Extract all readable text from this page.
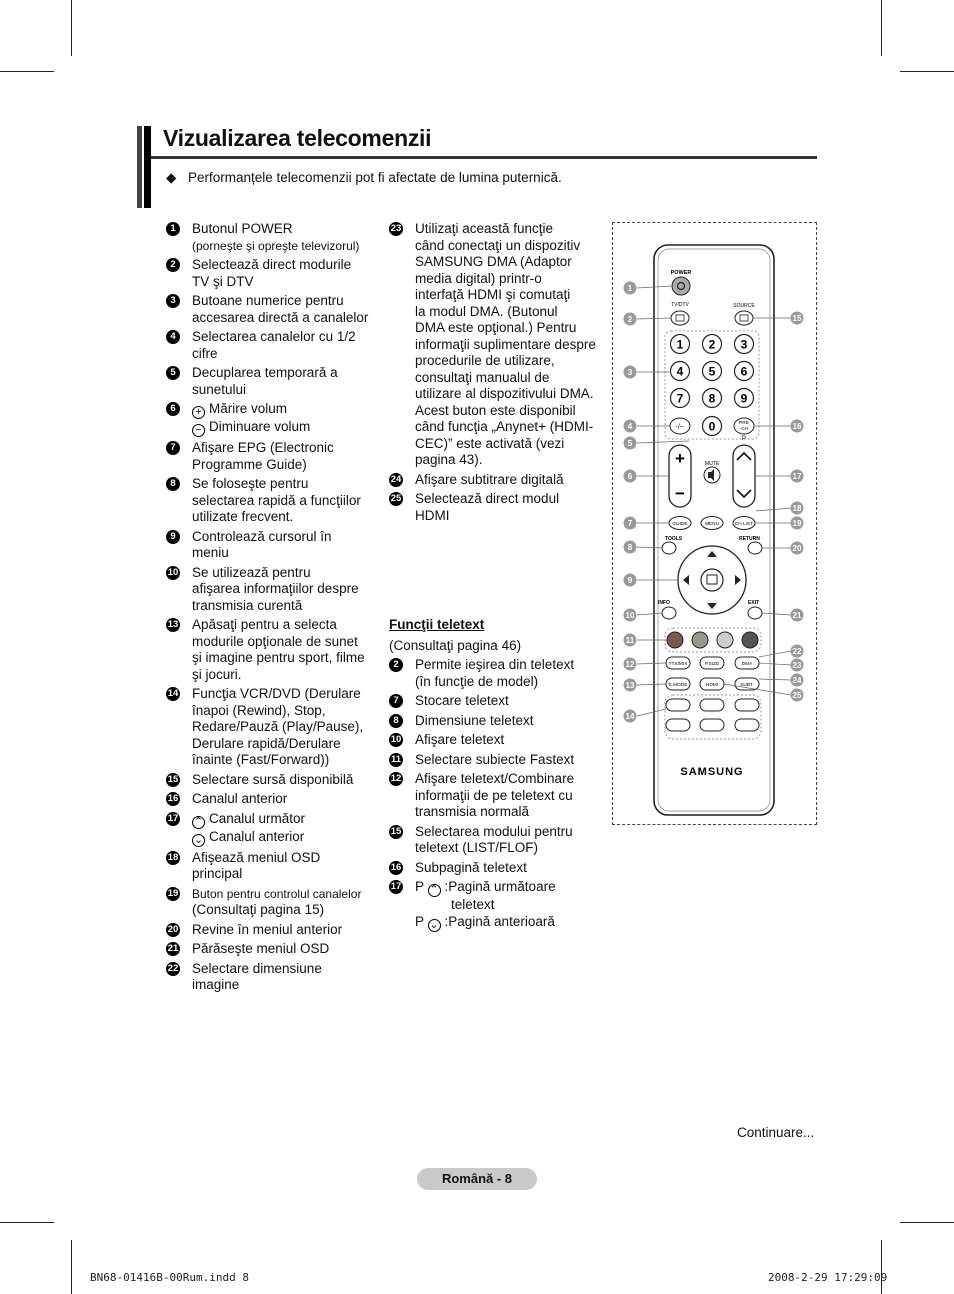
Vizualizarea telecomenzii
◆ Performanțele telecomenzii pot fi afectate de lumina puternică.
1	Butonul POWER
(porneşte şi opreşte televizorul)
2	Selectează direct modurile
TV şi DTV
3	Butoane numerice pentru
accesarea directă a canalelor
4	Selectarea canalelor cu 1/2
cifre
5	Decuplarea temporară a
sunetului
6	+ Mărire volum
− Diminuare volum
7	Afişare EPG (Electronic
Programme Guide)
8	Se foloseşte pentru
selectarea rapidă a funcţiilor
utilizate frecvent.
9	Controlează cursorul în
meniu
10 Se utilizează pentru
afişarea informaţiilor despre
transmisia curentă
13 Apăsaţi pentru a selecta
modurile opţionale de sunet
şi imagine pentru sport, filme
şi jocuri.
14 Funcţia VCR/DVD (Derulare
înapoi (Rewind), Stop,
Redare/Pauză (Play/Pause),
Derulare rapidă/Derulare
înainte (Fast/Forward))
15 Selectare sursă disponibilă
16 Canalul anterior
17 ⌃ Canalul următor
⌄ Canalul anterior
18 Afişează meniul OSD
principal
19 Buton pentru controlul canalelor
(Consultaţi pagina 15)
20 Revine în meniul anterior
21 Părăseşte meniul OSD
22 Selectare dimensiune
imagine
23 Utilizaţi această funcţie
când conectaţi un dispozitiv
SAMSUNG DMA (Adaptor
media digital) printr-o
interfaţă HDMI şi comutaţi
la modul DMA. (Butonul
DMA este opţional.) Pentru
informaţii suplimentare despre
procedurile de utilizare,
consultaţi manualul de
utilizare al dispozitivului DMA.
Acest buton este disponibil
când funcţia „Anynet+ (HDMI-
CEC)” este activată (vezi
pagina 43).
24 Afişare subtitrare digitală
25 Selectează direct modul
HDMI
Funcţii teletext
(Consultaţi pagina 46)
2	Permite ieşirea din teletext
(în funcţie de model)
7	Stocare teletext
8	Dimensiune teletext
10 Afişare teletext
11 Selectare subiecte Fastext
12 Afişare teletext/Combinare
informaţii de pe teletext cu
transmisia normală
15 Selectarea modului pentru
teletext (LIST/FLOF)
16 Subpagină teletext
17 P ⌃ :Pagină următoare
teletext
P ⌄ :Pagină anterioară
POWER
TV/DTV	SOURCE
1 2 3
4 5 6
7 8 9
0
-/--
PRE
-CH
+
−
MUTE
P
GUIDE	MENU	CH LIST
TOOLS	RETURN
INFO	EXIT
TTX/MIX	P.SIZE	DMA
E.MODE	HDMI	SUBT.
SAMSUNG
1
2
3
4
5
6
7
8
9
10
11
12
13
14
15
16
17
18
19
20
21
22
23
24
25
Continuare...
Română - 8
BN68-01416B-00Rum.indd 8	2008-2-29 17:29:09
